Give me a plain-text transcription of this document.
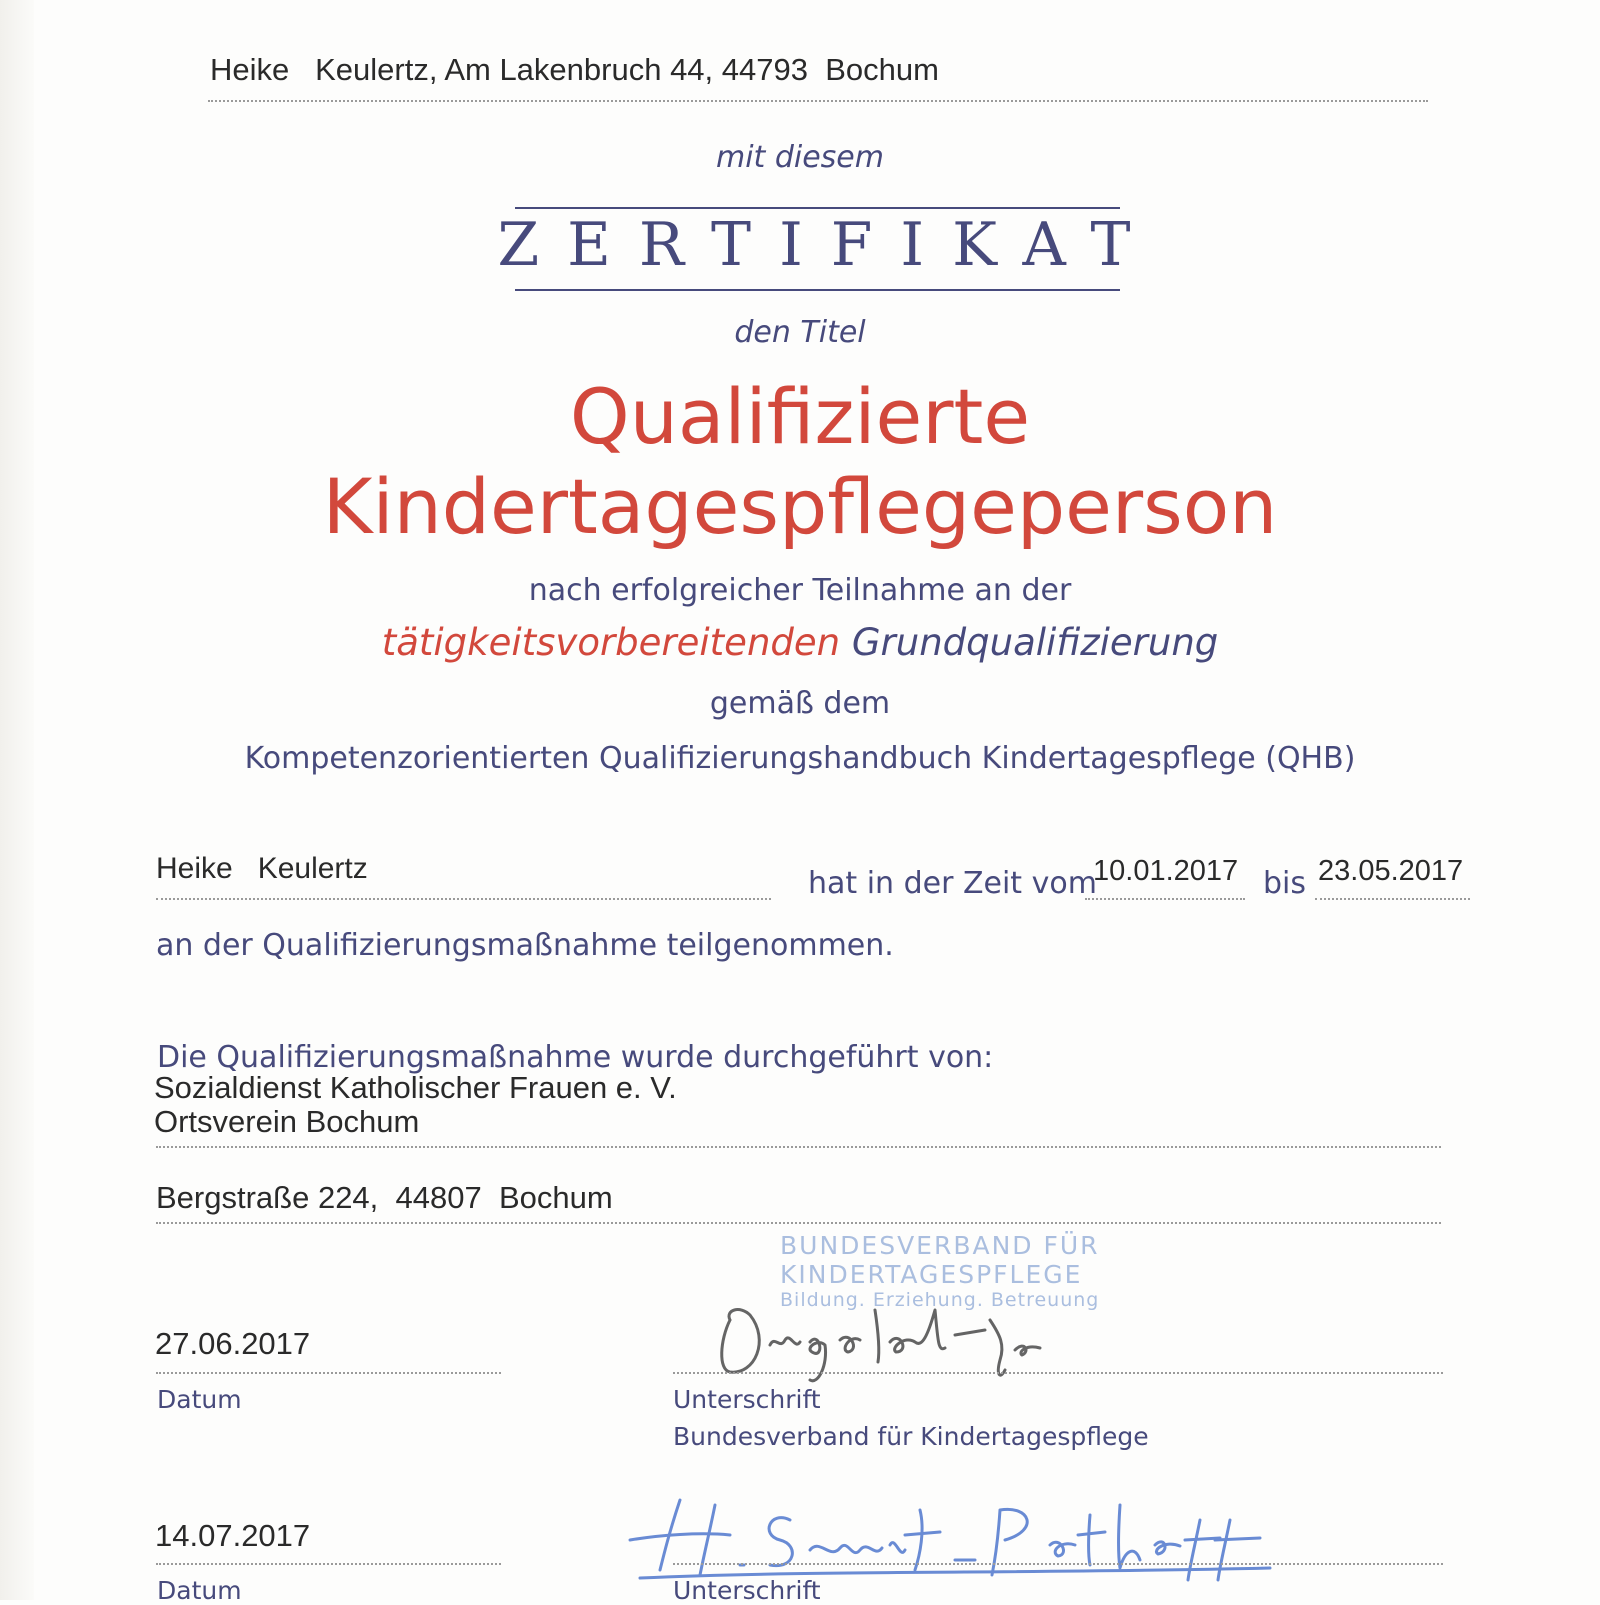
Heike   Keulertz, Am Lakenbruch 44, 44793  Bochum
mit diesem
ZERTIFIKAT
den Titel
Qualifizierte
Kindertagespflegeperson
nach erfolgreicher Teilnahme an der
tätigkeitsvorbereitenden Grundqualifizierung
gemäß dem
Kompetenzorientierten Qualifizierungshandbuch Kindertagespflege (QHB)
Heike   Keulertz	hat in der Zeit vom
10.01.2017 bis 23.05.2017
an der Qualifizierungsmaßnahme teilgenommen.
Die Qualifizierungsmaßnahme wurde durchgeführt von:
Sozialdienst Katholischer Frauen e. V.
Ortsverein Bochum
Bergstraße 224,  44807  Bochum
BUNDESVERBAND FÜR
KINDERTAGESPFLEGE
Bildung. Erziehung. Betreuung
27.06.2017
Datum	Unterschrift
Bundesverband für Kindertagespflege
14.07.2017
Datum	Unterschrift
